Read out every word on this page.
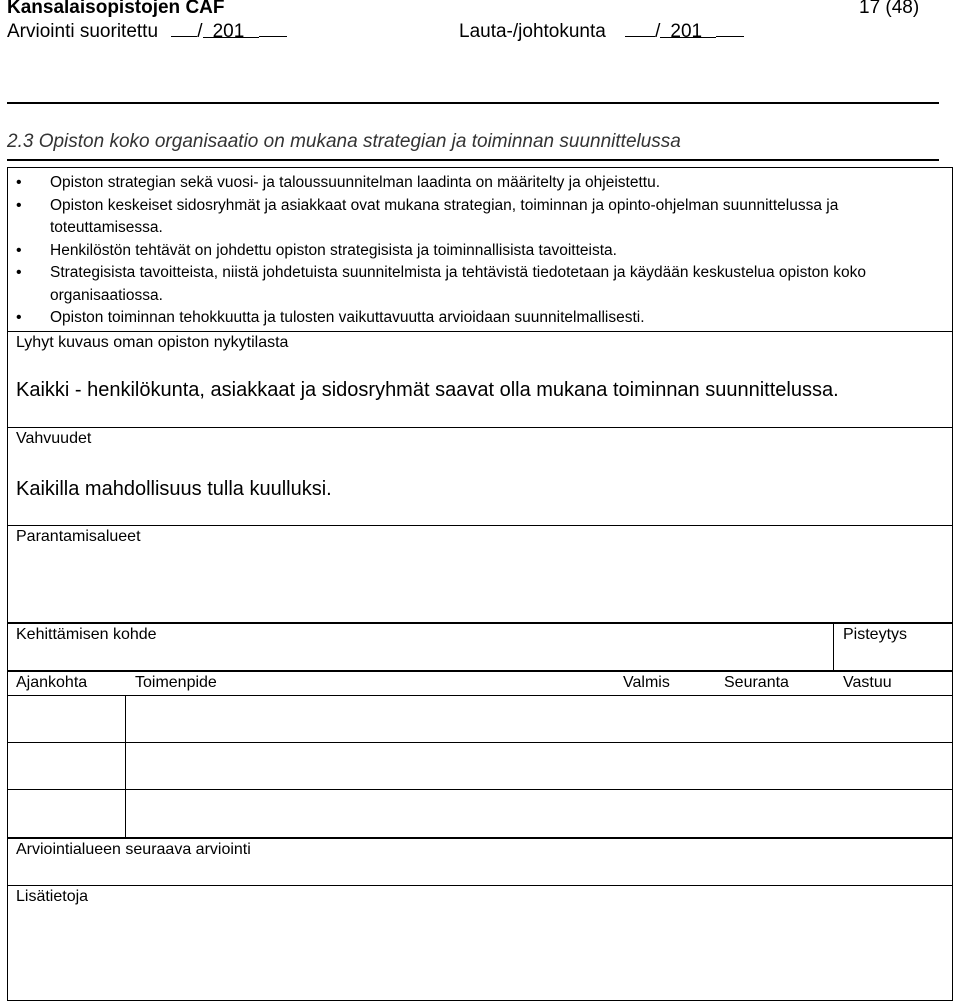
Kansalaisopistojen CAF	17 (48)
Arviointi suoritettu / 201	Lauta-/johtokunta	/ 201
2.3 Opiston koko organisaatio on mukana strategian ja toiminnan suunnittelussa
• Opiston strategian sekä vuosi- ja taloussuunnitelman laadinta on määritelty ja ohjeistettu.
• Opiston keskeiset sidosryhmät ja asiakkaat ovat mukana strategian, toiminnan ja opinto-ohjelman suunnittelussa ja toteuttamisessa.
• Henkilöstön tehtävät on johdettu opiston strategisista ja toiminnallisista tavoitteista.
• Strategisista tavoitteista, niistä johdetuista suunnitelmista ja tehtävistä tiedotetaan ja käydään keskustelua opiston koko organisaatiossa.
• Opiston toiminnan tehokkuutta ja tulosten vaikuttavuutta arvioidaan suunnitelmallisesti.
Lyhyt kuvaus oman opiston nykytilasta
Kaikki - henkilökunta, asiakkaat ja sidosryhmät saavat olla mukana toiminnan suunnittelussa.
Vahvuudet
Kaikilla mahdollisuus tulla kuulluksi.
Parantamisalueet
Kehittämisen kohde	Pisteytys
Ajankohta	Toimenpide	Valmis	Seuranta	Vastuu
Arviointialueen seuraava arviointi
Lisätietoja
